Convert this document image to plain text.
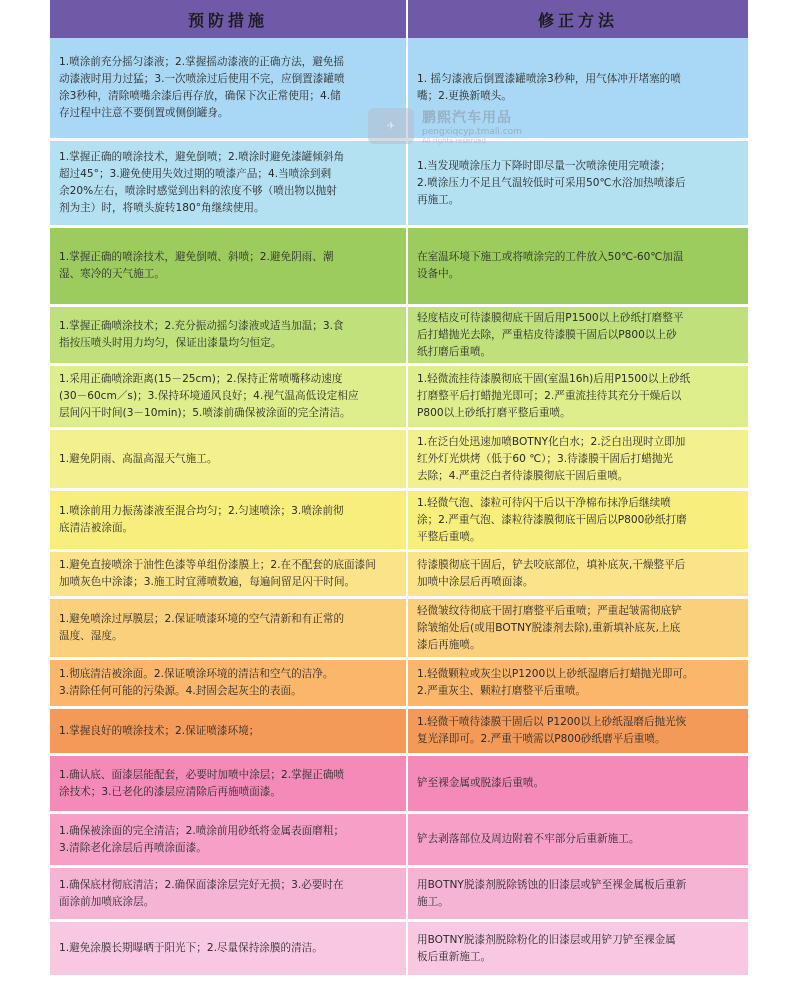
预防措施	修正方法
1.喷涂前充分摇匀漆液；2.掌握摇动漆液的正确方法，避免摇
动漆液时用力过猛；3.一次喷涂过后使用不完，应倒置漆罐喷
涂3秒种，清除喷嘴余漆后再存放，确保下次正常使用；4.储
存过程中注意不要倒置或侧倒罐身。
1. 摇匀漆液后倒置漆罐喷涂3秒种，用气体冲开堵塞的喷
嘴；2.更换新喷头。
1.掌握正确的喷涂技术，避免倒喷；2.喷涂时避免漆罐倾斜角
超过45°；3.避免使用失效过期的喷漆产品；4.当喷涂到剩
余20%左右，喷涂时感觉到出料的浓度不够（喷出物以抛射
剂为主）时，将喷头旋转180°角继续使用。
1.当发现喷涂压力下降时即尽量一次喷涂使用完喷漆；
2.喷涂压力不足且气温较低时可采用50℃水浴加热喷漆后
再施工。
1.掌握正确的喷涂技术，避免倒喷、斜喷；2.避免阴雨、潮
湿、寒冷的天气施工。
在室温环境下施工或将喷涂完的工件放入50℃-60℃加温
设备中。
1.掌握正确喷涂技术；2.充分振动摇匀漆液或适当加温；3.食
指按压喷头时用力均匀，保证出漆量均匀恒定。
轻度桔皮可待漆膜彻底干固后用P1500以上砂纸打磨整平
后打蜡抛光去除，严重桔皮待漆膜干固后以P800以上砂
纸打磨后重喷。
1.采用正确喷涂距离(15－25cm)；2.保持正常喷嘴移动速度
(30－60cm／s)；3.保持环境通风良好；4.视气温高低设定相应
层间闪干时间(3－10min)；5.喷漆前确保被涂面的完全清洁。
1.轻微流挂待漆膜彻底干固(室温16h)后用P1500以上砂纸
打磨整平后打蜡抛光即可；2.严重流挂待其充分干燥后以
P800以上砂纸打磨平整后重喷。
1.避免阴雨、高温高湿天气施工。
1.在泛白处迅速加喷BOTNY化白水；2.泛白出现时立即加
红外灯光烘烤（低于60 ℃）；3.待漆膜干固后打蜡抛光
去除；4.严重泛白者待漆膜彻底干固后重喷。
1.喷涂前用力振荡漆液至混合均匀；2.匀速喷涂；3.喷涂前彻
底清洁被涂面。
1.轻微气泡、漆粒可待闪干后以干净棉布抹净后继续喷
涂；2.严重气泡、漆粒待漆膜彻底干固后以P800砂纸打磨
平整后重喷。
1.避免直接喷涂于油性色漆等单组份漆膜上；2.在不配套的底面漆间
加喷灰色中涂漆；3.施工时宜薄喷数遍，每遍间留足闪干时间。
待漆膜彻底干固后，铲去咬底部位，填补底灰,干燥整平后
加喷中涂层后再喷面漆。
1.避免喷涂过厚膜层；2.保证喷漆环境的空气清新和有正常的
温度、湿度。
轻微皱纹待彻底干固打磨整平后重喷；严重起皱需彻底铲
除皱缩处后(或用BOTNY脱漆剂去除),重新填补底灰,上底
漆后再施喷。
1.彻底清洁被涂面。2.保证喷涂环境的清洁和空气的洁净。
3.清除任何可能的污染源。4.封固会起灰尘的表面。
1.轻微颗粒或灰尘以P1200以上砂纸湿磨后打蜡抛光即可。
2.严重灰尘、颗粒打磨整平后重喷。
1.掌握良好的喷涂技术；2.保证喷漆环境；
1.轻微干喷待漆膜干固后以 P1200以上砂纸湿磨后抛光恢
复光泽即可。2.严重干喷需以P800砂纸磨平后重喷。
1.确认底、面漆层能配套，必要时加喷中涂层；2.掌握正确喷
涂技术；3.已老化的漆层应清除后再施喷面漆。
铲至裸金属或脱漆后重喷。
1.确保被涂面的完全清洁；2.喷涂前用砂纸将金属表面磨粗；
3.清除老化涂层后再喷涂面漆。
铲去剥落部位及周边附着不牢部分后重新施工。
1.确保底材彻底清洁；2.确保面漆涂层完好无损；3.必要时在
面涂前加喷底涂层。
用BOTNY脱漆剂脱除锈蚀的旧漆层或铲至裸金属板后重新
施工。
1.避免涂膜长期曝晒于阳光下；2.尽量保持涂膜的清洁。
用BOTNY脱漆剂脱除粉化的旧漆层或用铲刀铲至裸金属
板后重新施工。
✈	鹏熙汽车用品
pengxiqcyp.tmall.com
All rights reserved
